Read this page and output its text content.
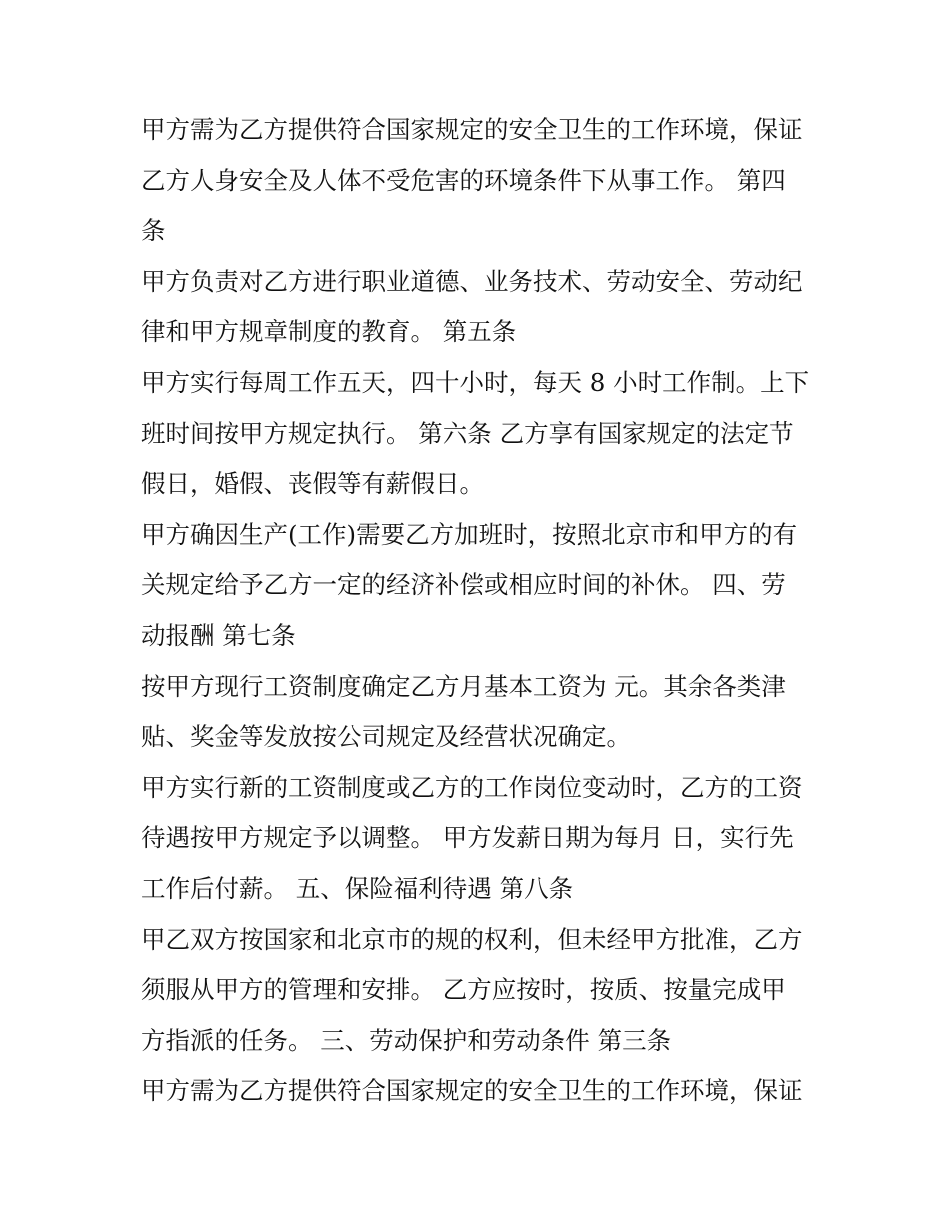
甲方需为乙方提供符合国家规定的安全卫生的工作环境，保证
乙方人身安全及人体不受危害的环境条件下从事工作。 第四
条
甲方负责对乙方进行职业道德、业务技术、劳动安全、劳动纪
律和甲方规章制度的教育。 第五条
甲方实行每周工作五天，四十小时，每天 8 小时工作制。上下
班时间按甲方规定执行。 第六条 乙方享有国家规定的法定节
假日，婚假、丧假等有薪假日。
甲方确因生产(工作)需要乙方加班时，按照北京市和甲方的有
关规定给予乙方一定的经济补偿或相应时间的补休。 四、劳
动报酬 第七条
按甲方现行工资制度确定乙方月基本工资为 元。其余各类津
贴、奖金等发放按公司规定及经营状况确定。
甲方实行新的工资制度或乙方的工作岗位变动时，乙方的工资
待遇按甲方规定予以调整。 甲方发薪日期为每月 日，实行先
工作后付薪。 五、保险福利待遇 第八条
甲乙双方按国家和北京市的规的权利，但未经甲方批准，乙方
须服从甲方的管理和安排。 乙方应按时，按质、按量完成甲
方指派的任务。 三、劳动保护和劳动条件 第三条
甲方需为乙方提供符合国家规定的安全卫生的工作环境，保证
